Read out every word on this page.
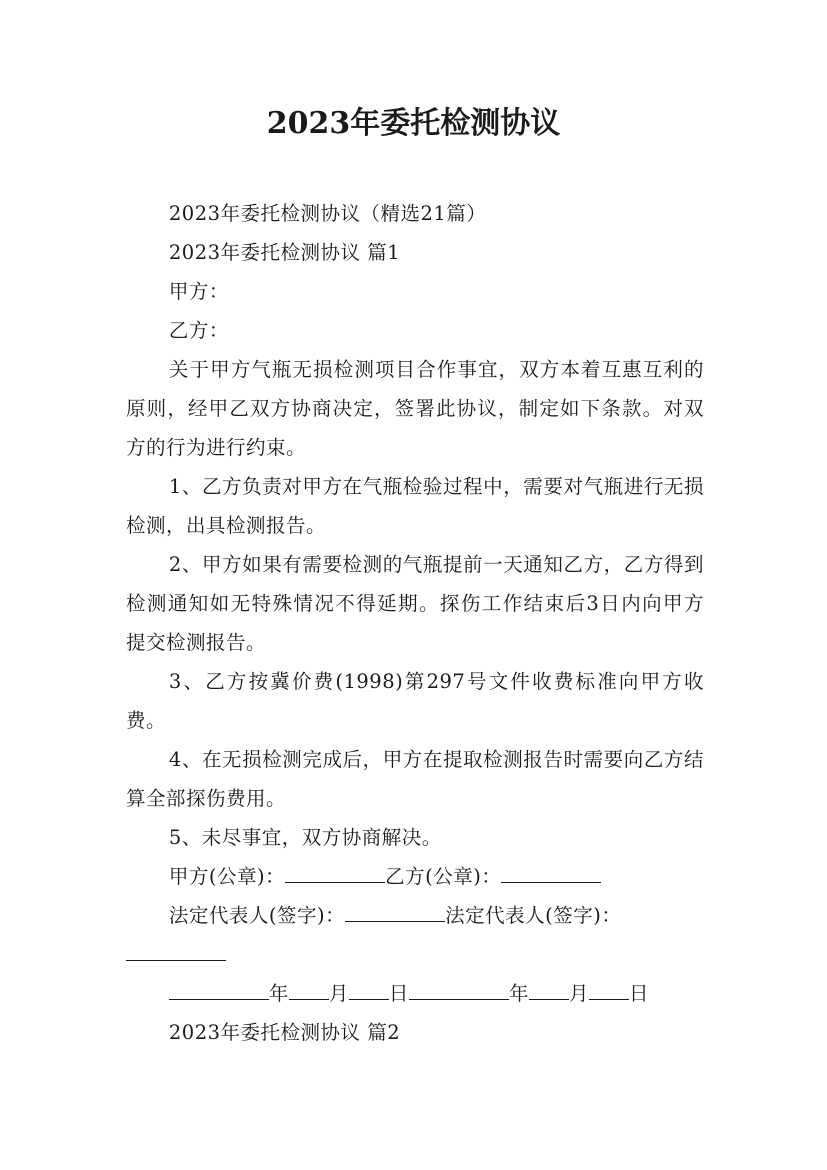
2023年委托检测协议

2023年委托检测协议（精选21篇）

2023年委托检测协议 篇1

甲方：

乙方：

关于甲方气瓶无损检测项目合作事宜，双方本着互惠互利的原则，经甲乙双方协商决定，签署此协议，制定如下条款。对双方的行为进行约束。

1、乙方负责对甲方在气瓶检验过程中，需要对气瓶进行无损检测，出具检测报告。

2、甲方如果有需要检测的气瓶提前一天通知乙方，乙方得到检测通知如无特殊情况不得延期。探伤工作结束后3日内向甲方 提交检测报告。

3、乙方按冀价费(1998)第297号文件收费标准向甲方收费。

4、在无损检测完成后，甲方在提取检测报告时需要向乙方结算全部探伤费用。

5、未尽事宜，双方协商解决。

甲方(公章)：	乙方(公章)：

法定代表人(签字)：	法定代表人(签字)：

年 月 日	年 月 日

2023年委托检测协议 篇2
